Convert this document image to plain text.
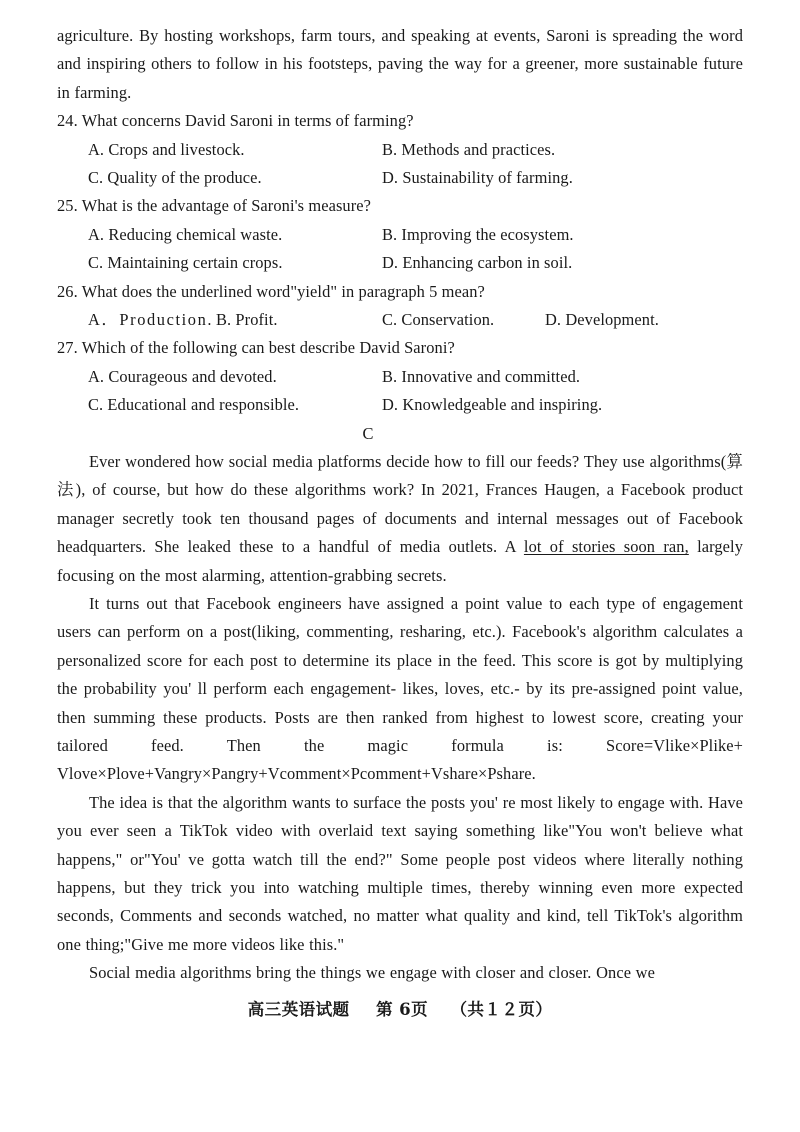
agriculture. By hosting workshops, farm tours, and speaking at events, Saroni is spreading the word and inspiring others to follow in his footsteps, paving the way for a greener, more sustainable future in farming.

24. What concerns David Saroni in terms of farming?

A. Crops and livestock.	B. Methods and practices.
C. Quality of the produce.	D. Sustainability of farming.

25. What is the advantage of Saroni's measure?

A. Reducing chemical waste.	B. Improving the ecosystem.
C. Maintaining certain crops.	D. Enhancing carbon in soil.

26. What does the underlined word"yield" in paragraph 5 mean?

A．Production. B. Profit.	C. Conservation.	D. Development.

27. Which of the following can best describe David Saroni?

A. Courageous and devoted.	B. Innovative and committed.
C. Educational and responsible.	D. Knowledgeable and inspiring.

C

Ever wondered how social media platforms decide how to fill our feeds? They use algorithms(算法), of course, but how do these algorithms work? In 2021, Frances Haugen, a Facebook product manager secretly took ten thousand pages of documents and internal messages out of Facebook headquarters. She leaked these to a handful of media outlets. A lot of stories soon ran, largely focusing on the most alarming, attention-grabbing secrets.

It turns out that Facebook engineers have assigned a point value to each type of engagement users can perform on a post(liking, commenting, resharing, etc.). Facebook's algorithm calculates a personalized score for each post to determine its place in the feed. This score is got by multiplying the probability you' ll perform each engagement- likes, loves, etc.- by its pre-assigned point value, then summing these products. Posts are then ranked from highest to lowest score, creating your tailored feed. Then the magic formula is: Score=Vlike×Plike+ Vlove×Plove+Vangry×Pangry+Vcomment×Pcomment+Vshare×Pshare.

The idea is that the algorithm wants to surface the posts you' re most likely to engage with. Have you ever seen a TikTok video with overlaid text saying something like"You won't believe what happens," or"You' ve gotta watch till the end?" Some people post videos where literally nothing happens, but they trick you into watching multiple times, thereby winning even more expected seconds, Comments and seconds watched, no matter what quality and kind, tell TikTok's algorithm one thing;"Give me more videos like this."

Social media algorithms bring the things we engage with closer and closer. Once we

高三英语试题 第 6页 （共１２页）
